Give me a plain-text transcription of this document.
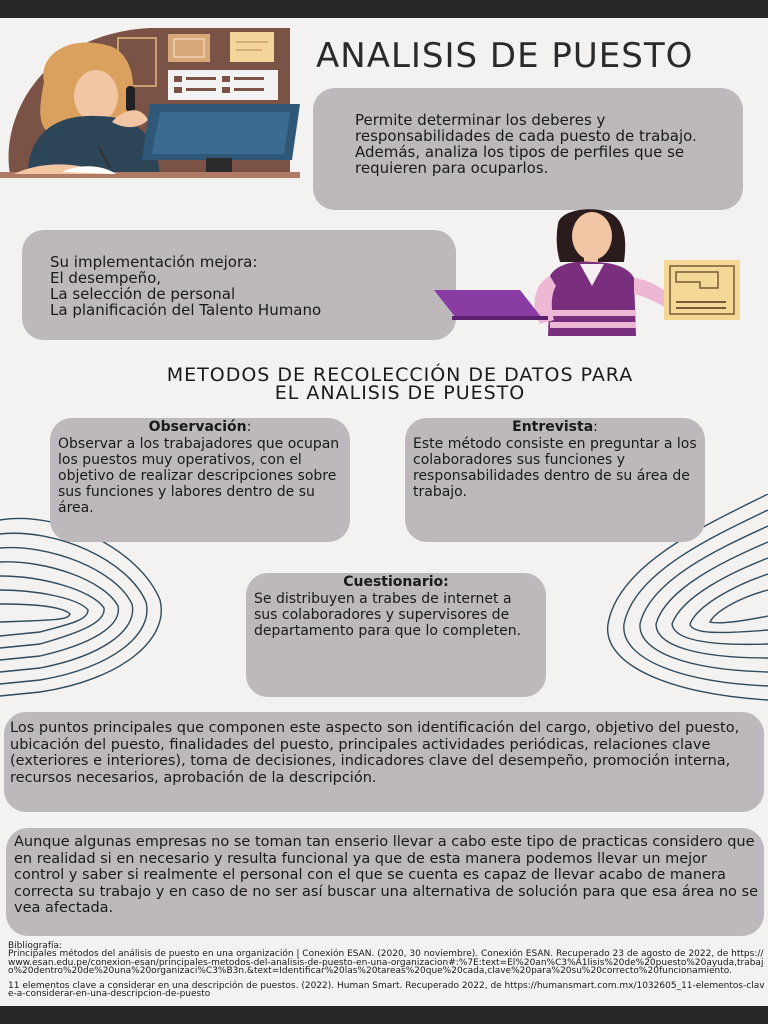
ANALISIS DE PUESTO

Permite determinar los deberes y responsabilidades de cada puesto de trabajo. Además, analiza los tipos de perfiles que se requieren para ocuparlos.

Su implementación mejora:
El desempeño,
La selección de personal
La planificación del Talento Humano

METODOS DE RECOLECCIÓN DE DATOS PARA
EL ANALISIS DE PUESTO
Observación:

Observar a los trabajadores que ocupan los puestos muy operativos, con el objetivo de realizar descripciones sobre sus funciones y labores dentro de su área.

Entrevista:

Este método consiste en preguntar a los colaboradores sus funciones y responsabilidades dentro de su área de trabajo.

Cuestionario:

Se distribuyen a trabes de internet a sus colaboradores y supervisores de departamento para que lo completen.

Los puntos principales que componen este aspecto son identificación del cargo, objetivo del puesto, ubicación del puesto, finalidades del puesto, principales actividades periódicas, relaciones clave (exteriores e interiores), toma de decisiones, indicadores clave del desempeño, promoción interna, recursos necesarios, aprobación de la descripción.

Aunque algunas empresas no se toman tan enserio llevar a cabo este tipo de practicas considero que en realidad si en necesario y resulta funcional ya que de esta manera podemos llevar un mejor control y saber si realmente el personal con el que se cuenta es capaz de llevar acabo de manera correcta su trabajo y en caso de no ser así buscar una alternativa de solución para que esa área no se vea afectada.

Bibliografía:

Principales métodos del análisis de puesto en una organización | Conexión ESAN. (2020, 30 noviembre). Conexión ESAN. Recuperado 23 de agosto de 2022, de https://www.esan.edu.pe/conexion-esan/principales-metodos-del-analisis-de-puesto-en-una-organizacion#:%7E:text=El%20an%C3%A1lisis%20de%20puesto%20ayuda,trabajo%20dentro%20de%20una%20organizaci%C3%B3n.&text=Identificar%20las%20tareas%20que%20cada,clave%20para%20su%20correcto%20funcionamiento.

11 elementos clave a considerar en una descripción de puestos. (2022). Human Smart. Recuperado 2022, de https://humansmart.com.mx/1032605_11-elementos-clave-a-considerar-en-una-descripcion-de-puesto
